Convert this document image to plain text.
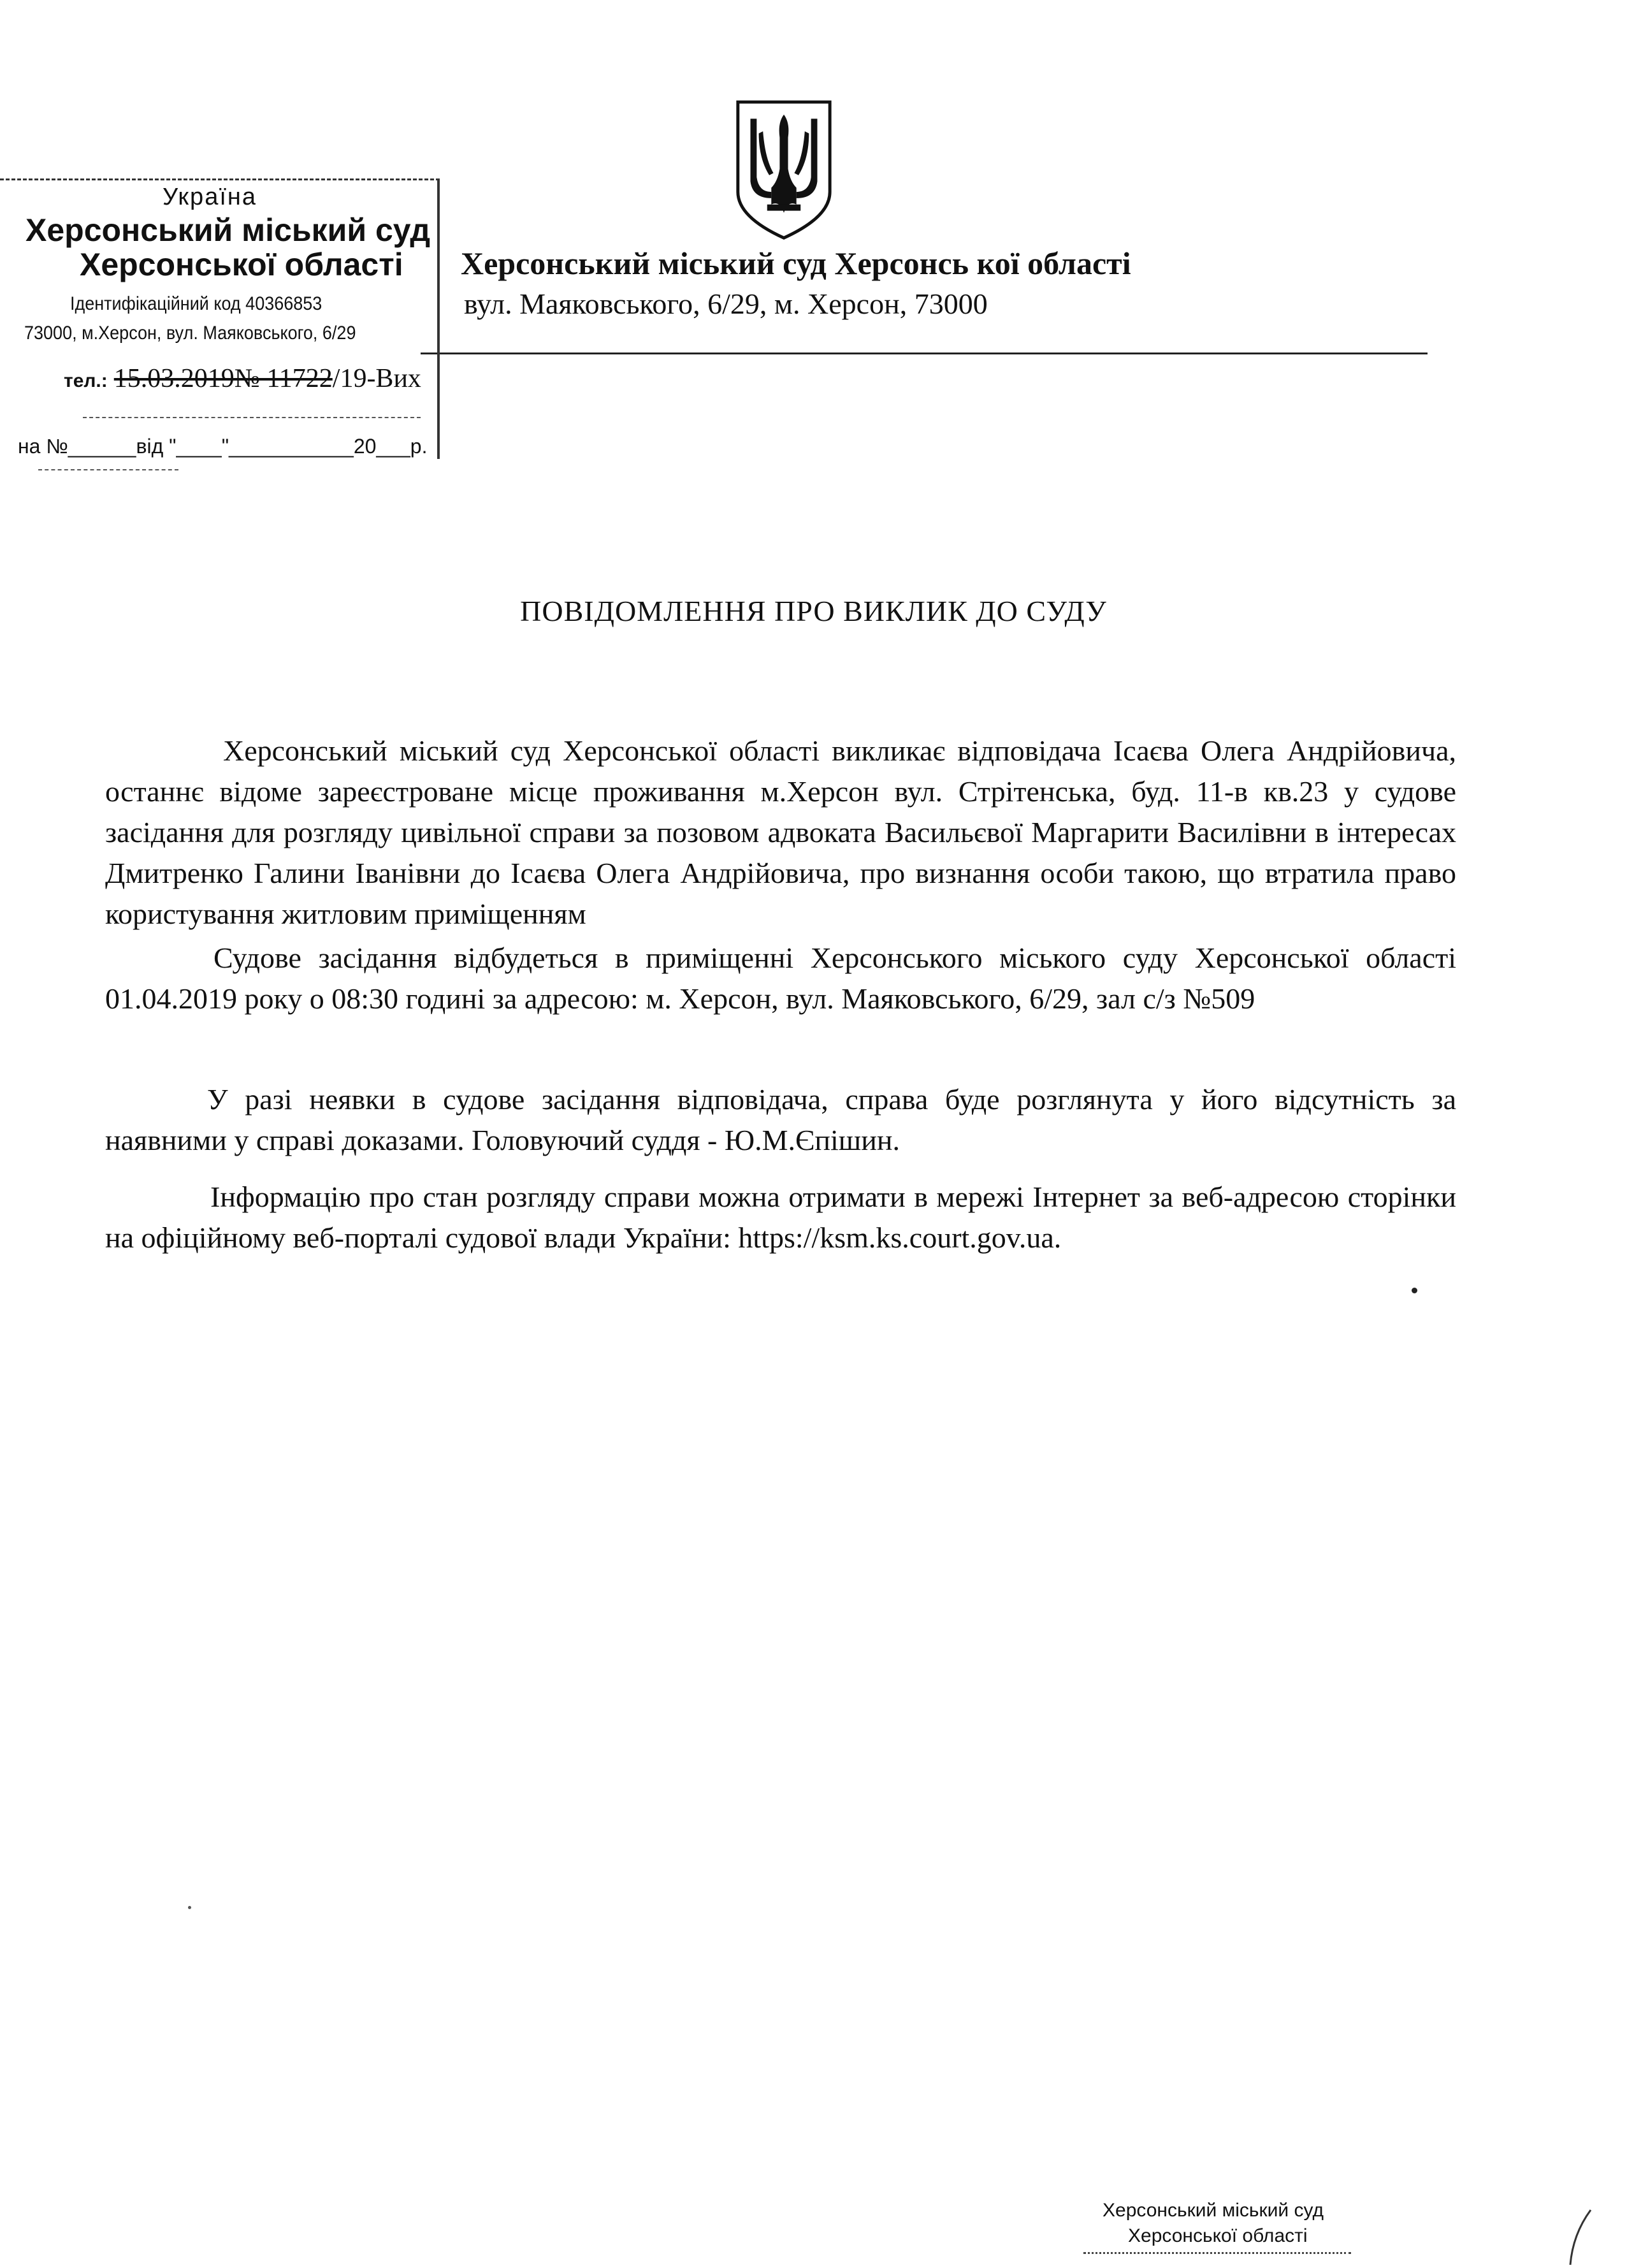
Херсонський міський суд Херсонсь кої області
вул. Маяковського, 6/29, м. Херсон, 73000
Україна
Херсонський міський суд
Херсонської області
Ідентифікаційний код 40366853
73000, м.Херсон, вул. Маяковського, 6/29
тел.: 15.03.2019№ 11722/19-Вих
на №______від "____"___________20___р.
ПОВІДОМЛЕННЯ ПРО ВИКЛИК ДО СУДУ

Херсонський міський суд Херсонської області викликає відповідача Ісаєва Олега Андрійовича, останнє відоме зареєстроване місце проживання м.Херсон вул. Стрітенська, буд. 11-в кв.23 у судове засідання для розгляду цивільної справи за позовом адвоката Васильєвої Маргарити Василівни в інтересах Дмитренко Галини Іванівни до Ісаєва Олега Андрійовича, про визнання особи такою, що втратила право користування житловим приміщенням

Судове засідання відбудеться в приміщенні Херсонського міського суду Херсонської області 01.04.2019 року о 08:30 годині за адресою: м. Херсон, вул. Маяковського, 6/29, зал с/з №509

У разі неявки в судове засідання відповідача, справа буде розглянута у його відсутність за наявними у справі доказами. Головуючий суддя - Ю.М.Єпішин.

Інформацію про стан розгляду справи можна отримати в мережі Інтернет за веб-адресою сторінки на офіційному веб-порталі судової влади України: https://ksm.ks.court.gov.ua.

Херсонський міський суд
Херсонської області
